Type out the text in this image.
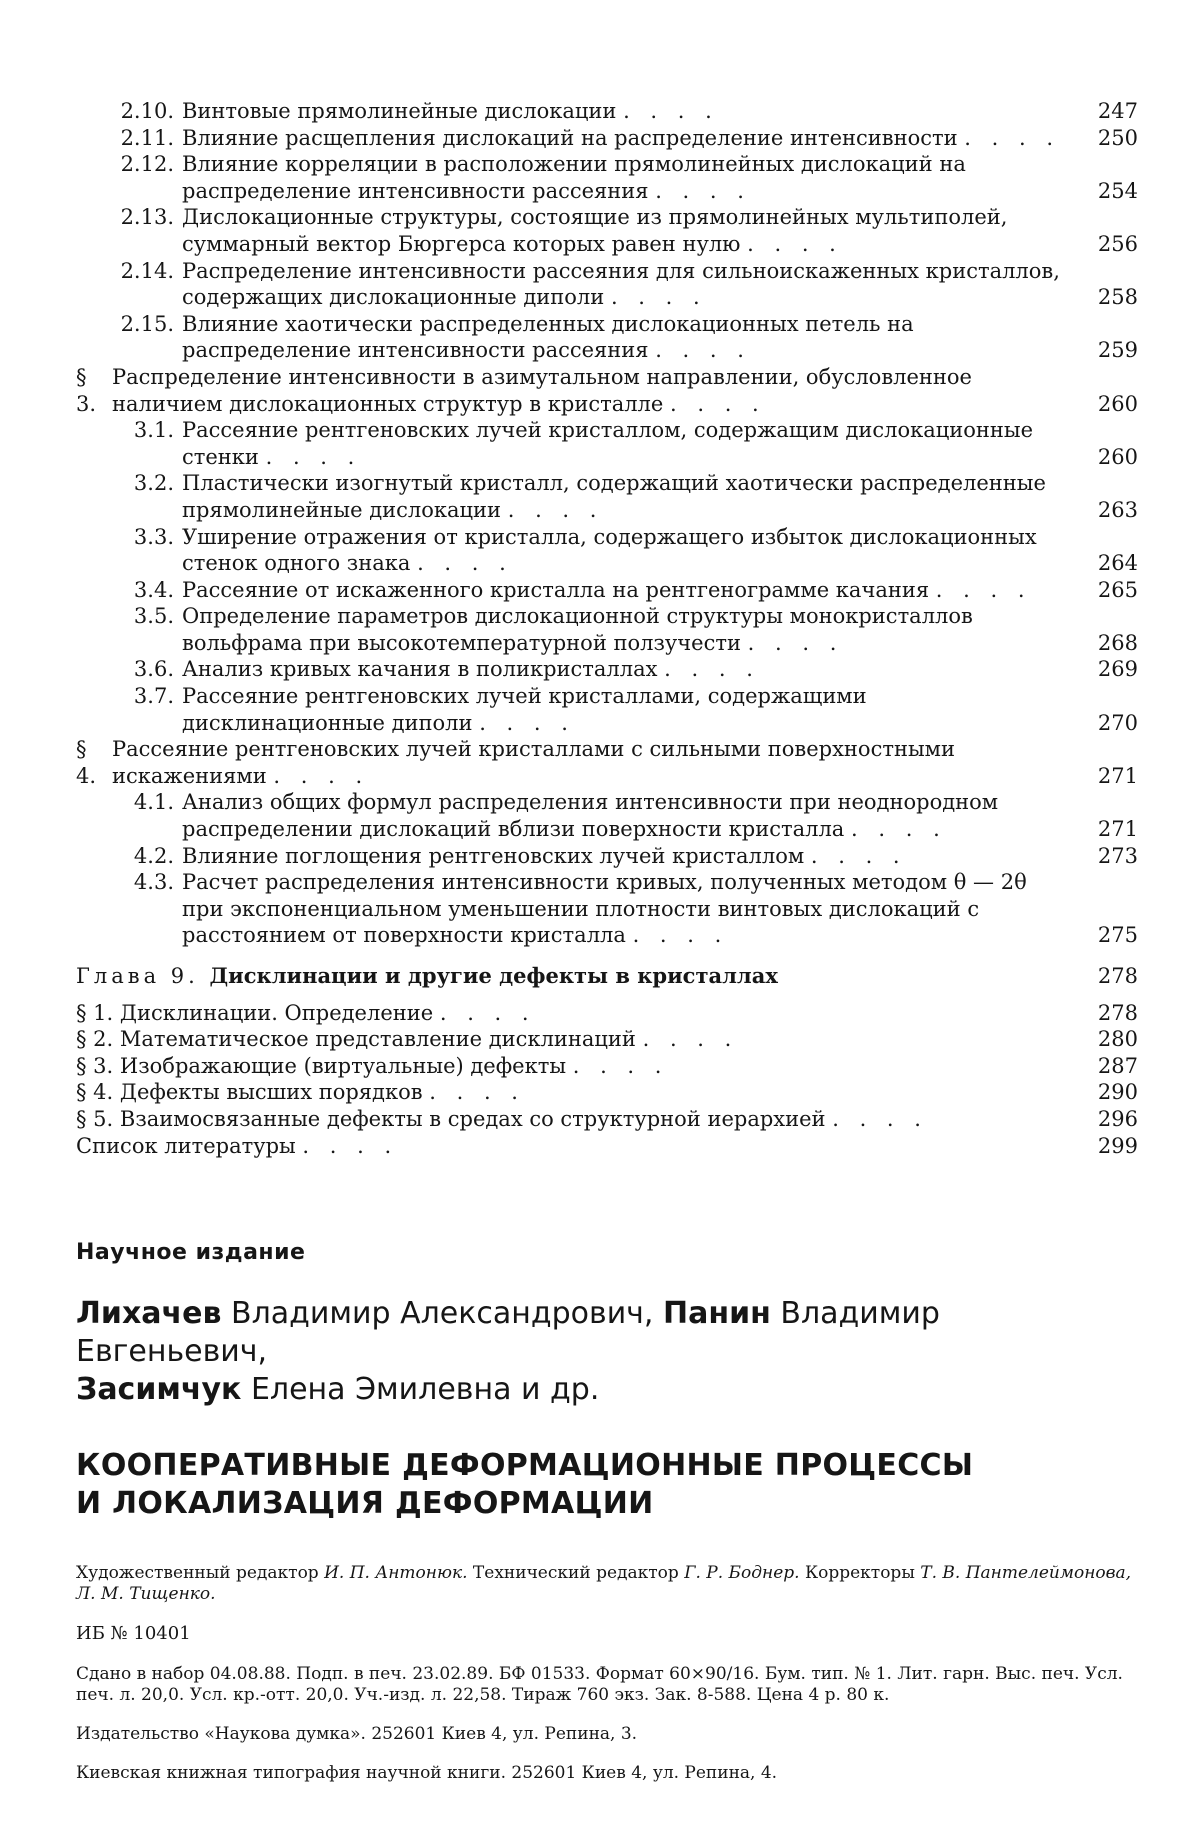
2.10. Винтовые прямолинейные дислокации . . . .	247
2.11. Влияние расщепления дислокаций на распределение интенсивности . . . .	250
2.12. Влияние корреляции в расположении прямолинейных дислокаций на распределение интенсивности рассеяния . . . .	254
2.13. Дислокационные структуры, состоящие из прямолинейных мультиполей, суммарный вектор Бюргерса которых равен нулю . . . .	256
2.14. Распределение интенсивности рассеяния для сильноискаженных кристаллов, содержащих дислокационные диполи . . . .	258
2.15. Влияние хаотически распределенных дислокационных петель на распределение интенсивности рассеяния . . . .	259
§ 3.
Распределение интенсивности в азимутальном направлении, обусловленное наличием дислокационных структур в кристалле . . . .	260
3.1. Рассеяние рентгеновских лучей кристаллом, содержащим дислокационные стенки . . . .	260
3.2. Пластически изогнутый кристалл, содержащий хаотически распределенные прямолинейные дислокации . . . .	263
3.3. Уширение отражения от кристалла, содержащего избыток дислокационных стенок одного знака . . . .	264
3.4. Рассеяние от искаженного кристалла на рентгенограмме качания . . . .	265
3.5. Определение параметров дислокационной структуры монокристаллов вольфрама при высокотемпературной ползучести . . . .	268
3.6. Анализ кривых качания в поликристаллах . . . .	269
3.7. Рассеяние рентгеновских лучей кристаллами, содержащими дисклинационные диполи . . . .	270
§ 4.
Рассеяние рентгеновских лучей кристаллами с сильными поверхностными искажениями . . . .	271
4.1. Анализ общих формул распределения интенсивности при неоднородном распределении дислокаций вблизи поверхности кристалла . . . .	271
4.2. Влияние поглощения рентгеновских лучей кристаллом . . . .	273
4.3. Расчет распределения интенсивности кривых, полученных методом θ — 2θ при экспоненциальном уменьшении плотности винтовых дислокаций с расстоянием от поверхности кристалла . . . .	275
Глава 9. Дисклинации и другие дефекты в кристаллах	278
§ 1. Дисклинации. Определение . . . .	278
§ 2. Математическое представление дисклинаций . . . .	280
§ 3. Изображающие (виртуальные) дефекты . . . .	287
§ 4. Дефекты высших порядков . . . .	290
§ 5. Взаимосвязанные дефекты в средах со структурной иерархией . . . .	296
Список литературы . . . .	299
Научное издание
Лихачев Владимир Александрович, Панин Владимир Евгеньевич,
Засимчук Елена Эмилевна и др.
КООПЕРАТИВНЫЕ ДЕФОРМАЦИОННЫЕ ПРОЦЕССЫ
И ЛОКАЛИЗАЦИЯ ДЕФОРМАЦИИ
Художественный редактор И. П. Антонюк. Технический редактор Г. Р. Боднер. Корректоры Т. В. Пантелеймонова, Л. М. Тищенко.
ИБ № 10401
Сдано в набор 04.08.88. Подп. в печ. 23.02.89. БФ 01533. Формат 60×90/16. Бум. тип. № 1. Лит. гарн. Выс. печ. Усл. печ. л. 20,0. Усл. кр.-отт. 20,0. Уч.-изд. л. 22,58. Тираж 760 экз. Зак. 8-588. Цена 4 р. 80 к.
Издательство «Наукова думка». 252601 Киев 4, ул. Репина, 3.
Киевская книжная типография научной книги. 252601 Киев 4, ул. Репина, 4.
